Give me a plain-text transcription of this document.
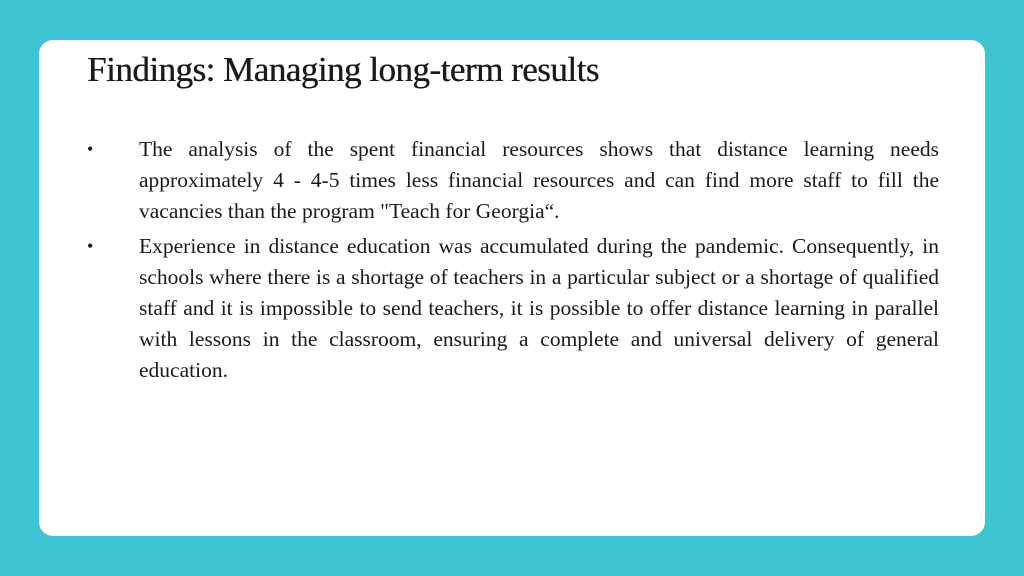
Findings: Managing long-term results
• The analysis of the spent financial resources shows that distance learning needs approximately 4 - 4-5 times less financial resources and can find more staff to fill the vacancies than the program "Teach for Georgia“.
• Experience in distance education was accumulated during the pandemic. Consequently, in schools where there is a shortage of teachers in a particular subject or a shortage of qualified staff and it is impossible to send teachers, it is possible to offer distance learning in parallel with lessons in the classroom, ensuring a complete and universal delivery of general education.
